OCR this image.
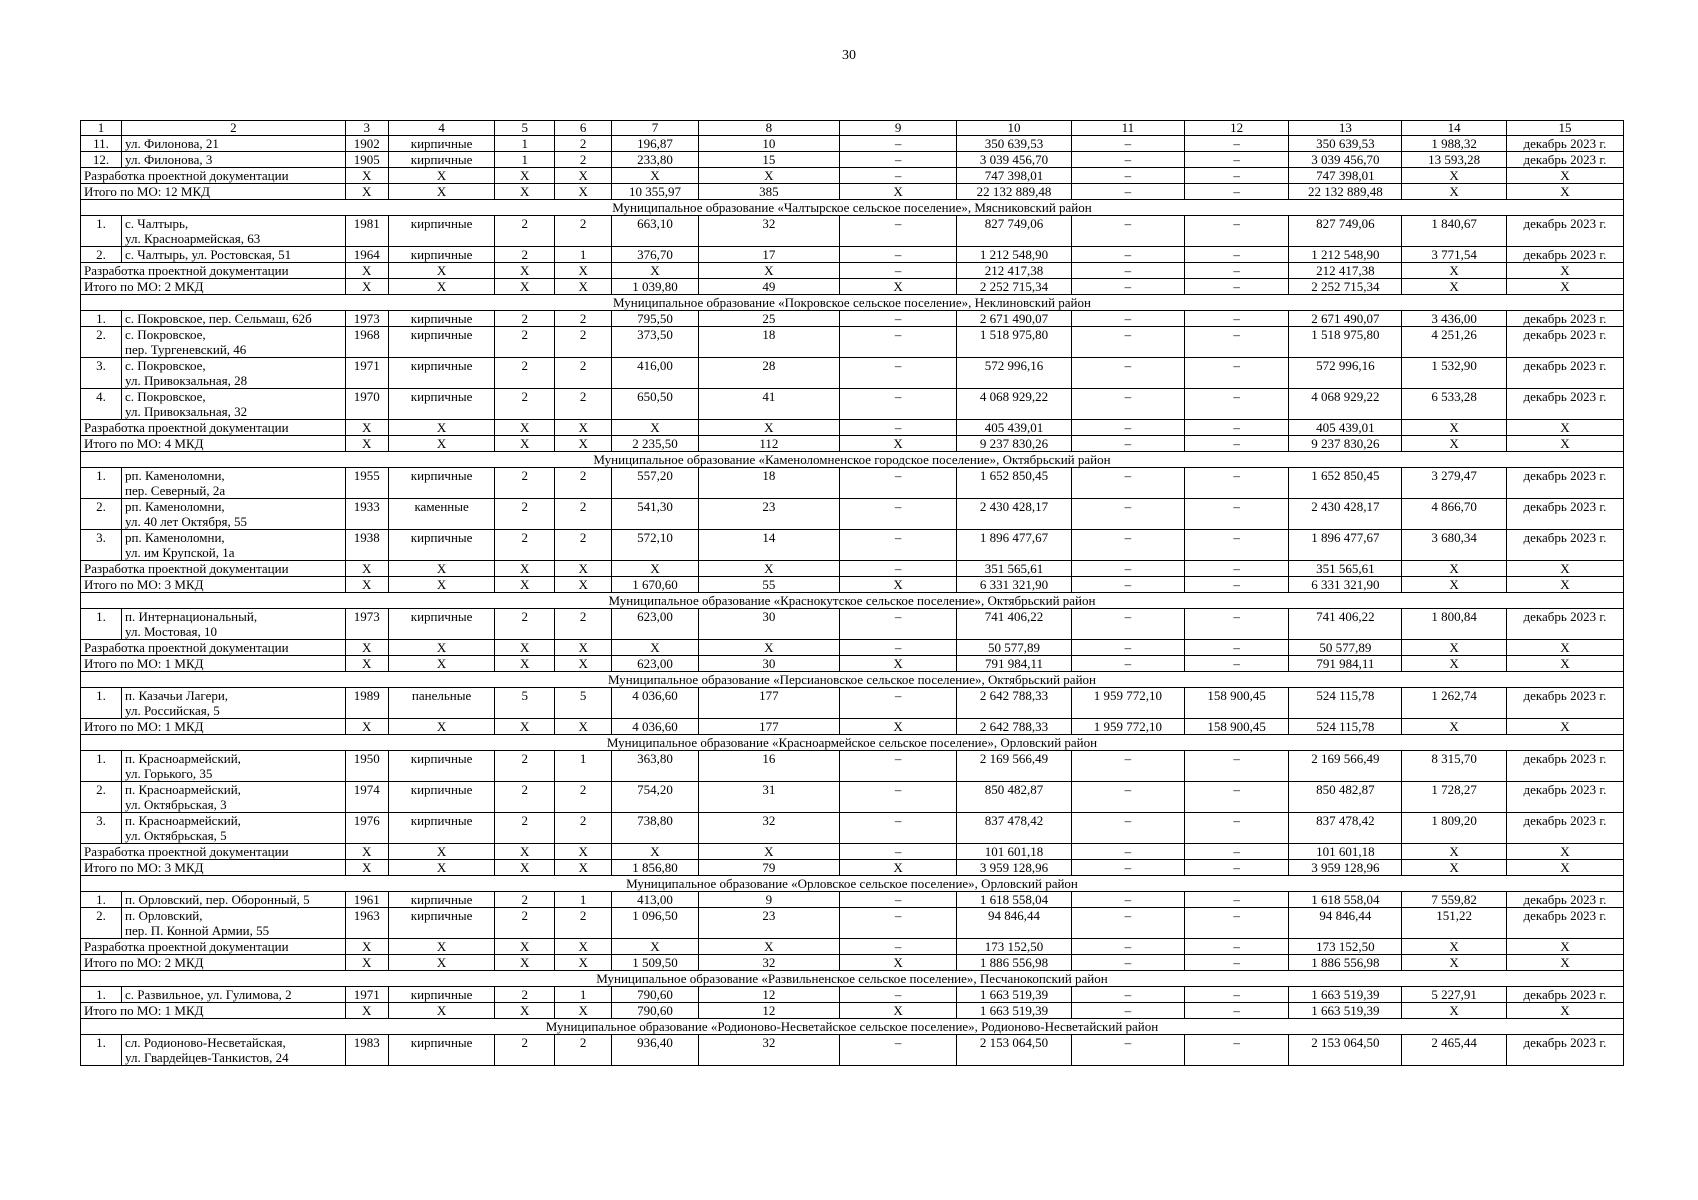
30
1	2	3	4	5	6	7	8	9	10	11	12	13	14	15
11.	ул. Филонова, 21	1902	кирпичные	1	2	196,87	10	–	350 639,53	–	–	350 639,53	1 988,32	декабрь 2023 г.
12.	ул. Филонова, 3	1905	кирпичные	1	2	233,80	15	–	3 039 456,70	–	–	3 039 456,70	13 593,28	декабрь 2023 г.
Разработка проектной документации		X	X	X	X	X	X	–	747 398,01	–	–	747 398,01	X	X
Итого по МО: 12 МКД		X	X	X	X	10 355,97	385	X	22 132 889,48	–	–	22 132 889,48	X	X
Муниципальное образование «Чалтырское сельское поселение», Мясниковский район														
1.	с. Чалтырь,
ул. Красноармейская, 63	1981	кирпичные	2	2	663,10	32	–	827 749,06	–	–	827 749,06	1 840,67	декабрь 2023 г.
2.	с. Чалтырь, ул. Ростовская, 51	1964	кирпичные	2	1	376,70	17	–	1 212 548,90	–	–	1 212 548,90	3 771,54	декабрь 2023 г.
Разработка проектной документации		X	X	X	X	X	X	–	212 417,38	–	–	212 417,38	X	X
Итого по МО: 2 МКД		X	X	X	X	1 039,80	49	X	2 252 715,34	–	–	2 252 715,34	X	X
Муниципальное образование «Покровское сельское поселение», Неклиновский район														
1.	с. Покровское, пер. Сельмаш, 62б	1973	кирпичные	2	2	795,50	25	–	2 671 490,07	–	–	2 671 490,07	3 436,00	декабрь 2023 г.
2.	с. Покровское,
пер. Тургеневский, 46	1968	кирпичные	2	2	373,50	18	–	1 518 975,80	–	–	1 518 975,80	4 251,26	декабрь 2023 г.
3.	с. Покровское,
ул. Привокзальная, 28	1971	кирпичные	2	2	416,00	28	–	572 996,16	–	–	572 996,16	1 532,90	декабрь 2023 г.
4.	с. Покровское,
ул. Привокзальная, 32	1970	кирпичные	2	2	650,50	41	–	4 068 929,22	–	–	4 068 929,22	6 533,28	декабрь 2023 г.
Разработка проектной документации		X	X	X	X	X	X	–	405 439,01	–	–	405 439,01	X	X
Итого по МО: 4 МКД		X	X	X	X	2 235,50	112	X	9 237 830,26	–	–	9 237 830,26	X	X
Муниципальное образование «Каменоломненское городское поселение», Октябрьский район														
1.	рп. Каменоломни,
пер. Северный, 2а	1955	кирпичные	2	2	557,20	18	–	1 652 850,45	–	–	1 652 850,45	3 279,47	декабрь 2023 г.
2.	рп. Каменоломни,
ул. 40 лет Октября, 55	1933	каменные	2	2	541,30	23	–	2 430 428,17	–	–	2 430 428,17	4 866,70	декабрь 2023 г.
3.	рп. Каменоломни,
ул. им Крупской, 1а	1938	кирпичные	2	2	572,10	14	–	1 896 477,67	–	–	1 896 477,67	3 680,34	декабрь 2023 г.
Разработка проектной документации		X	X	X	X	X	X	–	351 565,61	–	–	351 565,61	X	X
Итого по МО: 3 МКД		X	X	X	X	1 670,60	55	X	6 331 321,90	–	–	6 331 321,90	X	X
Муниципальное образование «Краснокутское сельское поселение», Октябрьский район														
1.	п. Интернациональный,
ул. Мостовая, 10	1973	кирпичные	2	2	623,00	30	–	741 406,22	–	–	741 406,22	1 800,84	декабрь 2023 г.
Разработка проектной документации		X	X	X	X	X	X	–	50 577,89	–	–	50 577,89	X	X
Итого по МО: 1 МКД		X	X	X	X	623,00	30	X	791 984,11	–	–	791 984,11	X	X
Муниципальное образование «Персиановское сельское поселение», Октябрьский район														
1.	п. Казачьи Лагери,
ул. Российская, 5	1989	панельные	5	5	4 036,60	177	–	2 642 788,33	1 959 772,10	158 900,45	524 115,78	1 262,74	декабрь 2023 г.
Итого по МО: 1 МКД		X	X	X	X	4 036,60	177	X	2 642 788,33	1 959 772,10	158 900,45	524 115,78	X	X
Муниципальное образование «Красноармейское сельское поселение», Орловский район														
1.	п. Красноармейский,
ул. Горького, 35	1950	кирпичные	2	1	363,80	16	–	2 169 566,49	–	–	2 169 566,49	8 315,70	декабрь 2023 г.
2.	п. Красноармейский,
ул. Октябрьская, 3	1974	кирпичные	2	2	754,20	31	–	850 482,87	–	–	850 482,87	1 728,27	декабрь 2023 г.
3.	п. Красноармейский,
ул. Октябрьская, 5	1976	кирпичные	2	2	738,80	32	–	837 478,42	–	–	837 478,42	1 809,20	декабрь 2023 г.
Разработка проектной документации		X	X	X	X	X	X	–	101 601,18	–	–	101 601,18	X	X
Итого по МО: 3 МКД		X	X	X	X	1 856,80	79	X	3 959 128,96	–	–	3 959 128,96	X	X
Муниципальное образование «Орловское сельское поселение», Орловский район														
1.	п. Орловский, пер. Оборонный, 5	1961	кирпичные	2	1	413,00	9	–	1 618 558,04	–	–	1 618 558,04	7 559,82	декабрь 2023 г.
2.	п. Орловский,
пер. П. Конной Армии, 55	1963	кирпичные	2	2	1 096,50	23	–	94 846,44	–	–	94 846,44	151,22	декабрь 2023 г.
Разработка проектной документации		X	X	X	X	X	X	–	173 152,50	–	–	173 152,50	X	X
Итого по МО: 2 МКД		X	X	X	X	1 509,50	32	X	1 886 556,98	–	–	1 886 556,98	X	X
Муниципальное образование «Развильненское сельское поселение», Песчанокопский район														
1.	с. Развильное, ул. Гулимова, 2	1971	кирпичные	2	1	790,60	12	–	1 663 519,39	–	–	1 663 519,39	5 227,91	декабрь 2023 г.
Итого по МО: 1 МКД		X	X	X	X	790,60	12	X	1 663 519,39	–	–	1 663 519,39	X	X
Муниципальное образование «Родионово-Несветайское сельское поселение», Родионово-Несветайский район														
1.	сл. Родионово-Несветайская,
ул. Гвардейцев-Танкистов, 24	1983	кирпичные	2	2	936,40	32	–	2 153 064,50	–	–	2 153 064,50	2 465,44	декабрь 2023 г.
